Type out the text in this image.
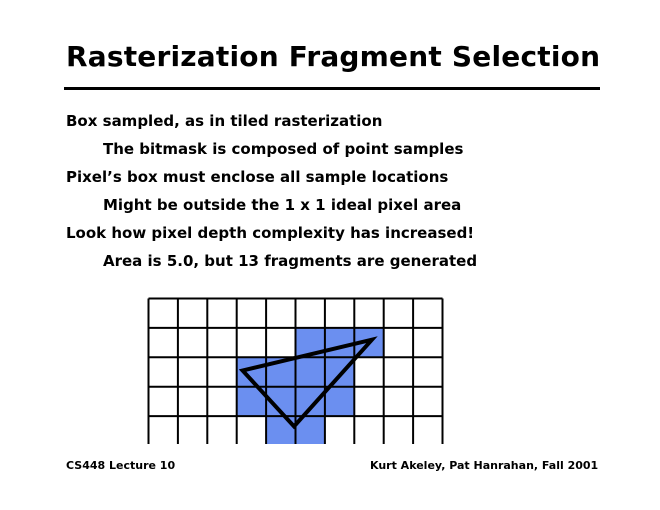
Rasterization Fragment Selection
Box sampled, as in tiled rasterization
The bitmask is composed of point samples
Pixel’s box must enclose all sample locations
Might be outside the 1 x 1 ideal pixel area
Look how pixel depth complexity has increased!
Area is 5.0, but 13 fragments are generated
CS448 Lecture 10	Kurt Akeley, Pat Hanrahan, Fall 2001
